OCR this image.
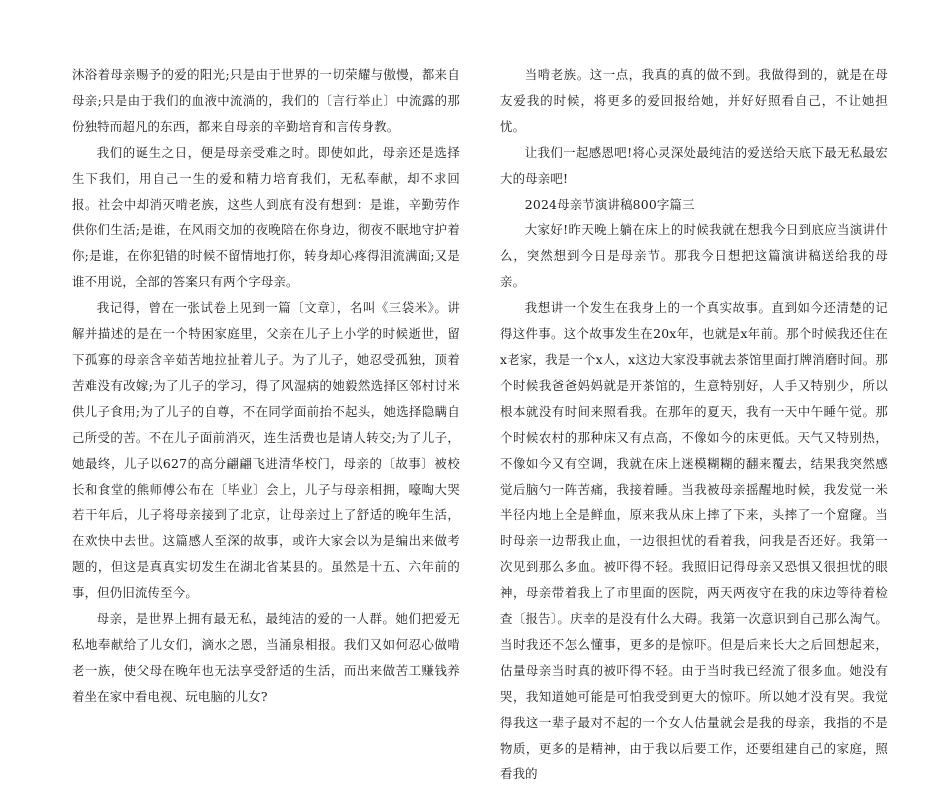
沐浴着母亲赐予的爱的阳光;只是由于世界的一切荣耀与傲慢，都来自母亲;只是由于我们的血液中流淌的，我们的〔言行举止〕中流露的那份独特而超凡的东西，都来自母亲的辛勤培育和言传身教。

我们的诞生之日，便是母亲受难之时。即使如此，母亲还是选择生下我们，用自己一生的爱和精力培育我们，无私奉献，却不求回报。社会中却消灭啃老族，这些人到底有没有想到：是谁，辛勤劳作供你们生活;是谁，在风雨交加的夜晚陪在你身边，彻夜不眠地守护着你;是谁，在你犯错的时候不留情地打你，转身却心疼得泪流满面;又是谁不用说，全部的答案只有两个字母亲。

我记得，曾在一张试卷上见到一篇〔文章〕，名叫《三袋米》。讲解并描述的是在一个特困家庭里，父亲在儿子上小学的时候逝世，留下孤寡的母亲含辛茹苦地拉扯着儿子。为了儿子，她忍受孤独，顶着苦难没有改嫁;为了儿子的学习，得了风湿病的她毅然选择区邻村讨米供儿子食用;为了儿子的自尊，不在同学面前抬不起头，她选择隐瞒自己所受的苦。不在儿子面前消灭，连生活费也是请人转交;为了儿子，她最终，儿子以627的高分翩翩飞进清华校门，母亲的〔故事〕被校长和食堂的熊师傅公布在〔毕业〕会上，儿子与母亲相拥，嚎啕大哭若干年后，儿子将母亲接到了北京，让母亲过上了舒适的晚年生活，在欢快中去世。这篇感人至深的故事，或许大家会以为是编出来做考题的，但这是真真实切发生在湖北省某县的。虽然是十五、六年前的事，但仍旧流传至今。

母亲，是世界上拥有最无私，最纯洁的爱的一人群。她们把爱无私地奉献给了儿女们，滴水之恩，当涌泉相报。我们又如何忍心做啃老一族，使父母在晚年也无法享受舒适的生活，而出来做苦工赚钱养着坐在家中看电视、玩电脑的儿女?

当啃老族。这一点，我真的真的做不到。我做得到的，就是在母友爱我的时候，将更多的爱回报给她，并好好照看自己，不让她担忧。

让我们一起感恩吧!将心灵深处最纯洁的爱送给天底下最无私最宏大的母亲吧!

2024母亲节演讲稿800字篇三

大家好!昨天晚上躺在床上的时候我就在想我今日到底应当演讲什么，突然想到今日是母亲节。那我今日想把这篇演讲稿送给我的母亲。

我想讲一个发生在我身上的一个真实故事。直到如今还清楚的记得这件事。这个故事发生在20x年，也就是x年前。那个时候我还住在x老家，我是一个x人，x这边大家没事就去茶馆里面打牌消磨时间。那个时候我爸爸妈妈就是开茶馆的，生意特别好，人手又特别少，所以根本就没有时间来照看我。在那年的夏天，我有一天中午睡午觉。那个时候农村的那种床又有点高，不像如今的床更低。天气又特别热，不像如今又有空调，我就在床上迷模糊糊的翻来覆去，结果我突然感觉后脑勺一阵苦痛，我接着睡。当我被母亲摇醒地时候，我发觉一米半径内地上全是鲜血，原来我从床上摔了下来，头摔了一个窟窿。当时母亲一边帮我止血，一边很担忧的看着我，问我是否还好。我第一次见到那么多血。被吓得不轻。我照旧记得母亲又恐惧又很担忧的眼神，母亲带着我上了市里面的医院，两天两夜守在我的床边等待着检查〔报告〕。庆幸的是没有什么大碍。我第一次意识到自己那么淘气。当时我还不怎么懂事，更多的是惊吓。但是后来长大之后回想起来，估量母亲当时真的被吓得不轻。由于当时我已经流了很多血。她没有哭，我知道她可能是可怕我受到更大的惊吓。所以她才没有哭。我觉得我这一辈子最对不起的一个女人估量就会是我的母亲，我指的不是物质，更多的是精神，由于我以后要工作，还要组建自己的家庭，照看我的
